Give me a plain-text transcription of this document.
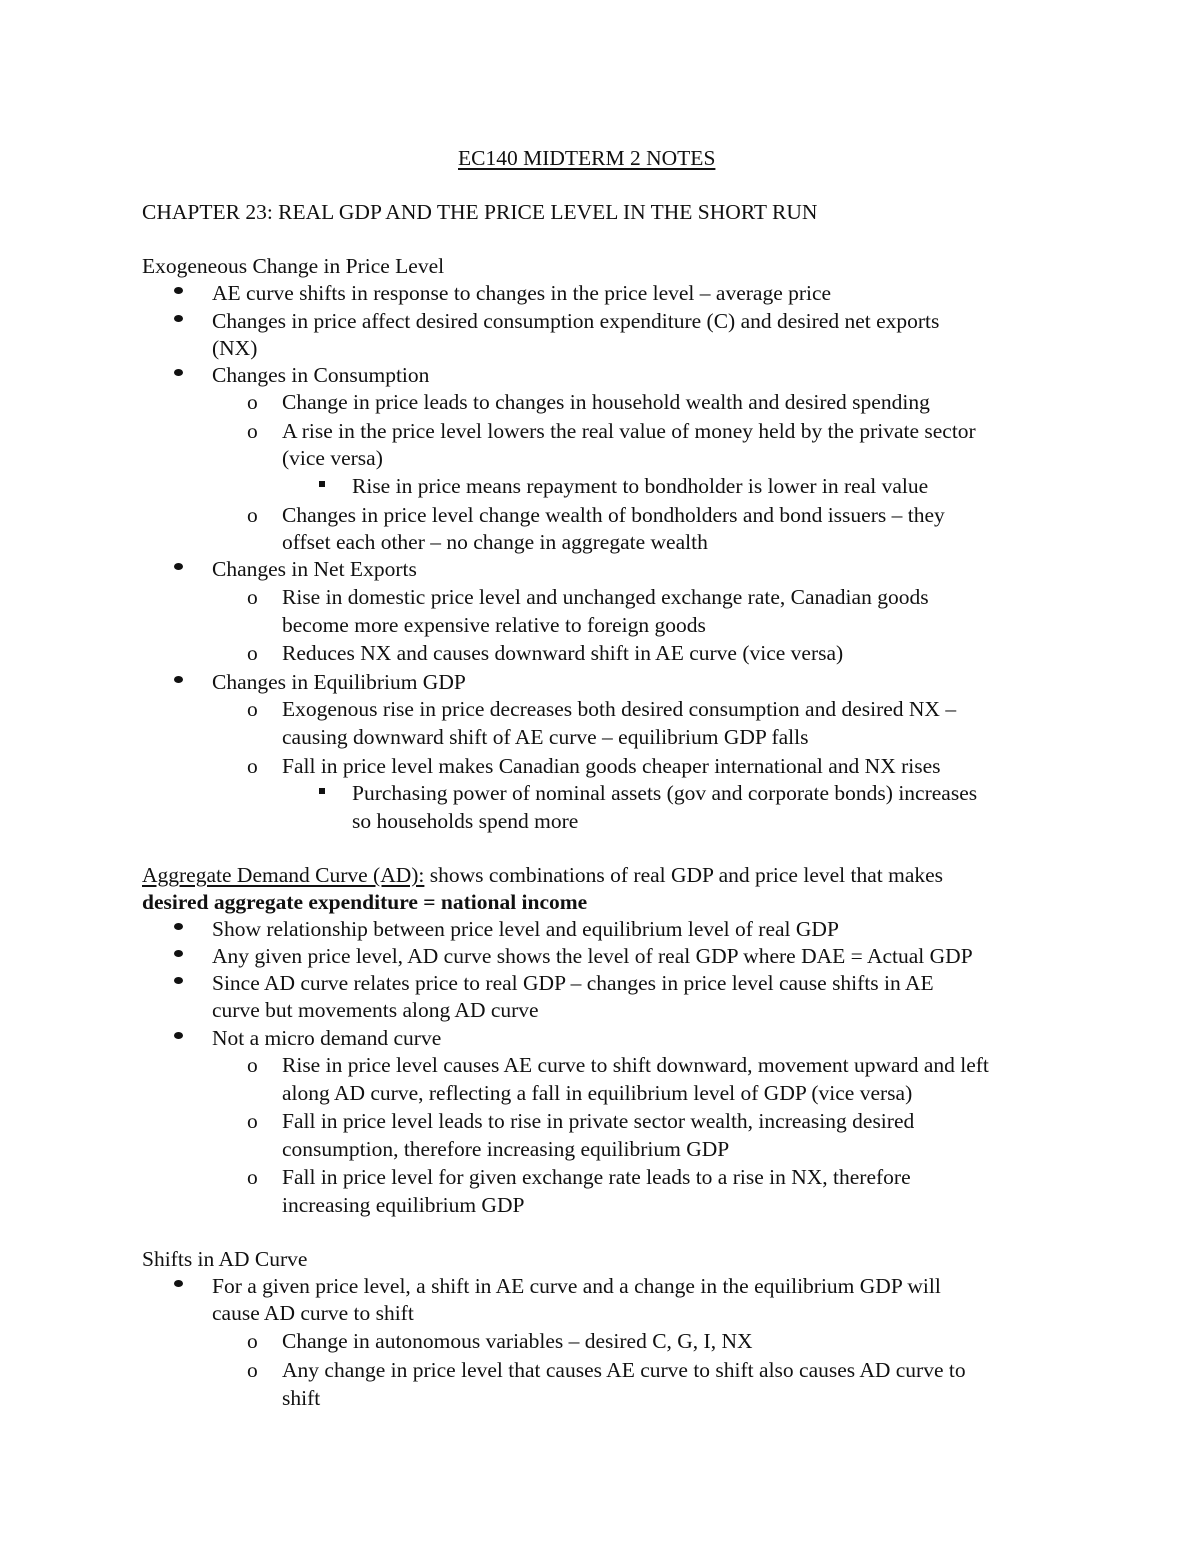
EC140 MIDTERM 2 NOTES
CHAPTER 23: REAL GDP AND THE PRICE LEVEL IN THE SHORT RUN
Exogeneous Change in Price Level
AE curve shifts in response to changes in the price level – average price
Changes in price affect desired consumption expenditure (C) and desired net exports
(NX)
Changes in Consumption
o Change in price leads to changes in household wealth and desired spending
o A rise in the price level lowers the real value of money held by the private sector
(vice versa)
Rise in price means repayment to bondholder is lower in real value
o Changes in price level change wealth of bondholders and bond issuers – they
offset each other – no change in aggregate wealth
Changes in Net Exports
o Rise in domestic price level and unchanged exchange rate, Canadian goods
become more expensive relative to foreign goods
o Reduces NX and causes downward shift in AE curve (vice versa)
Changes in Equilibrium GDP
o Exogenous rise in price decreases both desired consumption and desired NX –
causing downward shift of AE curve – equilibrium GDP falls
o Fall in price level makes Canadian goods cheaper international and NX rises
Purchasing power of nominal assets (gov and corporate bonds) increases
so households spend more
Aggregate Demand Curve (AD): shows combinations of real GDP and price level that makes
desired aggregate expenditure = national income
Show relationship between price level and equilibrium level of real GDP
Any given price level, AD curve shows the level of real GDP where DAE = Actual GDP
Since AD curve relates price to real GDP – changes in price level cause shifts in AE
curve but movements along AD curve
Not a micro demand curve
o Rise in price level causes AE curve to shift downward, movement upward and left
along AD curve, reflecting a fall in equilibrium level of GDP (vice versa)
o Fall in price level leads to rise in private sector wealth, increasing desired
consumption, therefore increasing equilibrium GDP
o Fall in price level for given exchange rate leads to a rise in NX, therefore
increasing equilibrium GDP
Shifts in AD Curve
For a given price level, a shift in AE curve and a change in the equilibrium GDP will
cause AD curve to shift
o Change in autonomous variables – desired C, G, I, NX
o Any change in price level that causes AE curve to shift also causes AD curve to
shift
